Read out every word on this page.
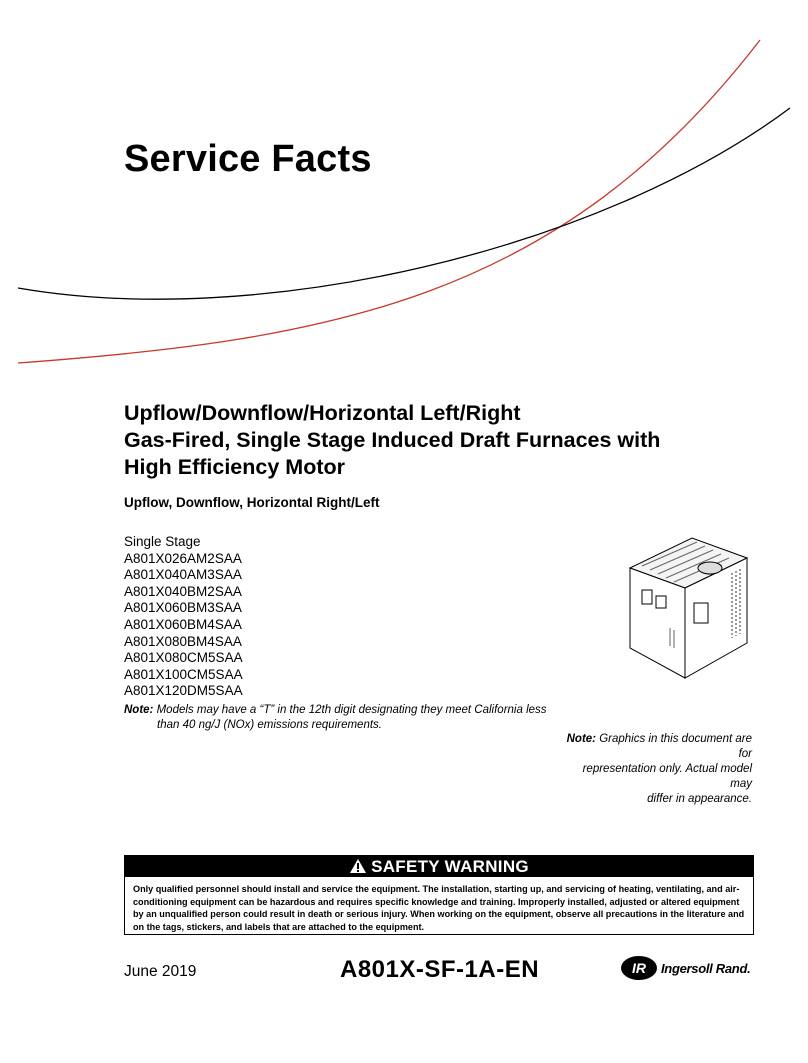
Service Facts
Upflow/Downflow/Horizontal Left/Right
Gas-Fired, Single Stage Induced Draft Furnaces with
High Efficiency Motor
Upflow, Downflow, Horizontal Right/Left
Single Stage
A801X026AM2SAA
A801X040AM3SAA
A801X040BM2SAA
A801X060BM3SAA
A801X060BM4SAA
A801X080BM4SAA
A801X080CM5SAA
A801X100CM5SAA
A801X120DM5SAA
Note: Models may have a “T” in the 12th digit designating they meet California less
than 40 ng/J (NOx) emissions requirements.
Note: Graphics in this document are for
representation only. Actual model may
differ in appearance.
SAFETY WARNING
Only qualified personnel should install and service the equipment. The installation, starting up, and servicing of heating, ventilating, and air-conditioning equipment can be hazardous and requires specific knowledge and training. Improperly installed, adjusted or altered equipment by an unqualified person could result in death or serious injury. When working on the equipment, observe all precautions in the literature and on the tags, stickers, and labels that are attached to the equipment.
June 2019	A801X-SF-1A-EN	IR Ingersoll Rand.
